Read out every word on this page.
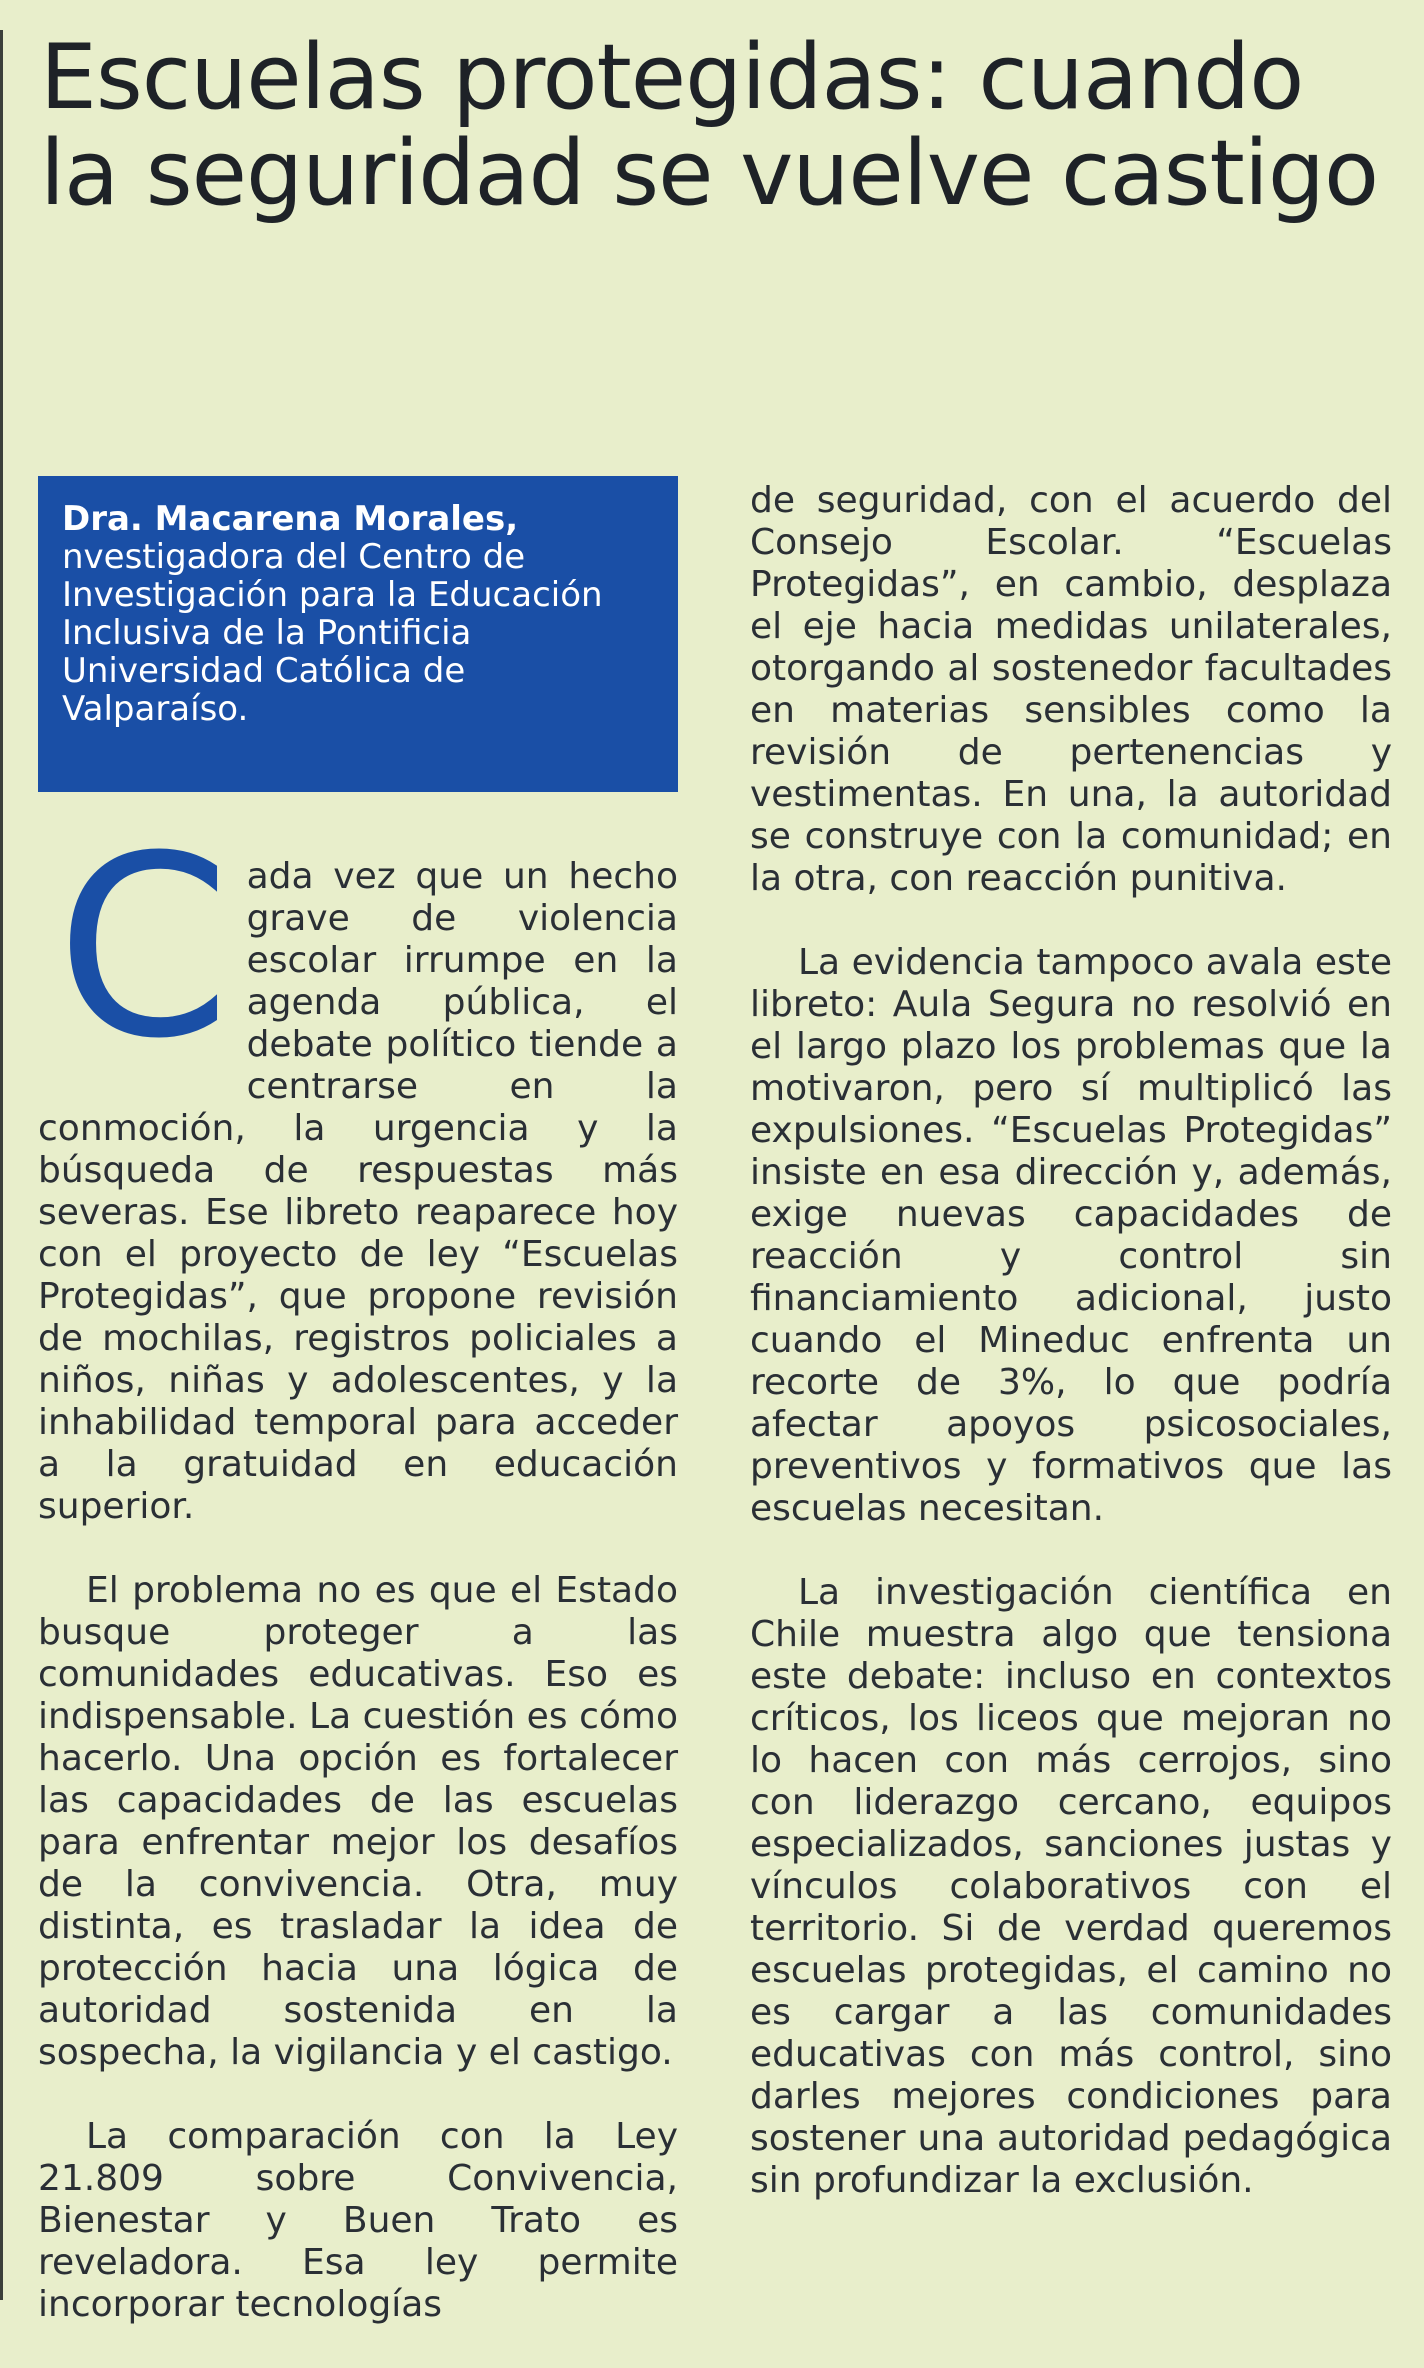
Escuelas protegidas: cuando la seguridad se vuelve castigo
Dra. Macarena Morales,
nvestigadora del Centro de Investigación para la Educación Inclusiva de la Pontificia Universidad Católica de Valparaíso.

Cada vez que un hecho grave de violencia escolar irrumpe en la agenda pública, el debate político tiende a centrarse en la conmoción, la urgencia y la búsqueda de respuestas más severas. Ese libreto reaparece hoy con el proyecto de ley “Escuelas Protegidas”, que propone revisión de mochilas, registros policiales a niños, niñas y adolescentes, y la inhabilidad temporal para acceder a la gratuidad en educación superior.

El problema no es que el Estado busque proteger a las comunidades educativas. Eso es indispensable. La cuestión es cómo hacerlo. Una opción es fortalecer las capacidades de las escuelas para enfrentar mejor los desafíos de la convivencia. Otra, muy distinta, es trasladar la idea de protección hacia una lógica de autoridad sostenida en la sospecha, la vigilancia y el castigo.

La comparación con la Ley 21.809 sobre Convivencia, Bienestar y Buen Trato es reveladora. Esa ley permite incorporar tecnologías

de seguridad, con el acuerdo del Consejo Escolar. “Escuelas Protegidas”, en cambio, desplaza el eje hacia medidas unilaterales, otorgando al sostenedor facultades en materias sensibles como la revisión de pertenencias y vestimentas. En una, la autoridad se construye con la comunidad; en la otra, con reacción punitiva.

La evidencia tampoco avala este libreto: Aula Segura no resolvió en el largo plazo los problemas que la motivaron, pero sí multiplicó las expulsiones. “Escuelas Protegidas” insiste en esa dirección y, además, exige nuevas capacidades de reacción y control sin financiamiento adicional, justo cuando el Mineduc enfrenta un recorte de 3%, lo que podría afectar apoyos psicosociales, preventivos y formativos que las escuelas necesitan.

La investigación científica en Chile muestra algo que tensiona este debate: incluso en contextos críticos, los liceos que mejoran no lo hacen con más cerrojos, sino con liderazgo cercano, equipos especializados, sanciones justas y vínculos colaborativos con el territorio. Si de verdad queremos escuelas protegidas, el camino no es cargar a las comunidades educativas con más control, sino darles mejores condiciones para sostener una autoridad pedagógica sin profundizar la exclusión.
